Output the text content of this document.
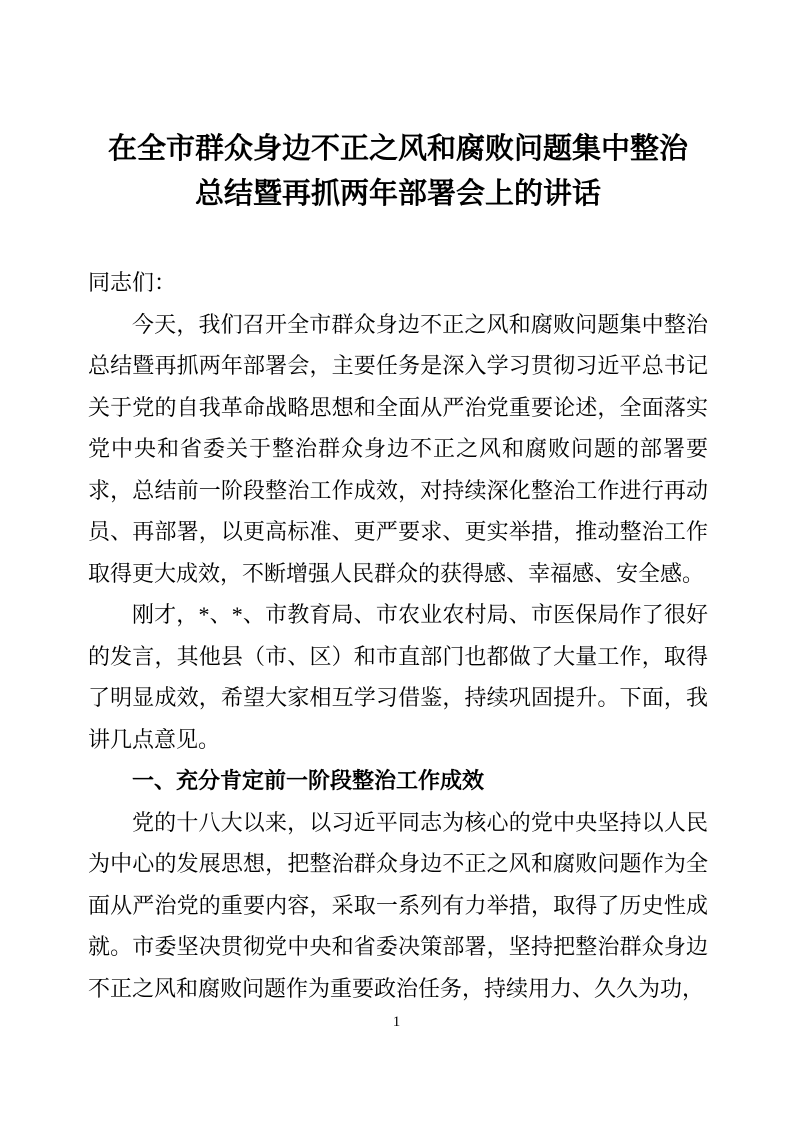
在全市群众身边不正之风和腐败问题集中整治
总结暨再抓两年部署会上的讲话

同志们：

今天，我们召开全市群众身边不正之风和腐败问题集中整治总结暨再抓两年部署会，主要任务是深入学习贯彻习近平总书记关于党的自我革命战略思想和全面从严治党重要论述，全面落实党中央和省委关于整治群众身边不正之风和腐败问题的部署要求，总结前一阶段整治工作成效，对持续深化整治工作进行再动员、再部署，以更高标准、更严要求、更实举措，推动整治工作取得更大成效，不断增强人民群众的获得感、幸福感、安全感。

刚才，*、*、市教育局、市农业农村局、市医保局作了很好的发言，其他县（市、区）和市直部门也都做了大量工作，取得了明显成效，希望大家相互学习借鉴，持续巩固提升。下面，我讲几点意见。

一、充分肯定前一阶段整治工作成效

党的十八大以来，以习近平同志为核心的党中央坚持以人民为中心的发展思想，把整治群众身边不正之风和腐败问题作为全面从严治党的重要内容，采取一系列有力举措，取得了历史性成就。市委坚决贯彻党中央和省委决策部署，坚持把整治群众身边不正之风和腐败问题作为重要政治任务，持续用力、久久为功，

1
